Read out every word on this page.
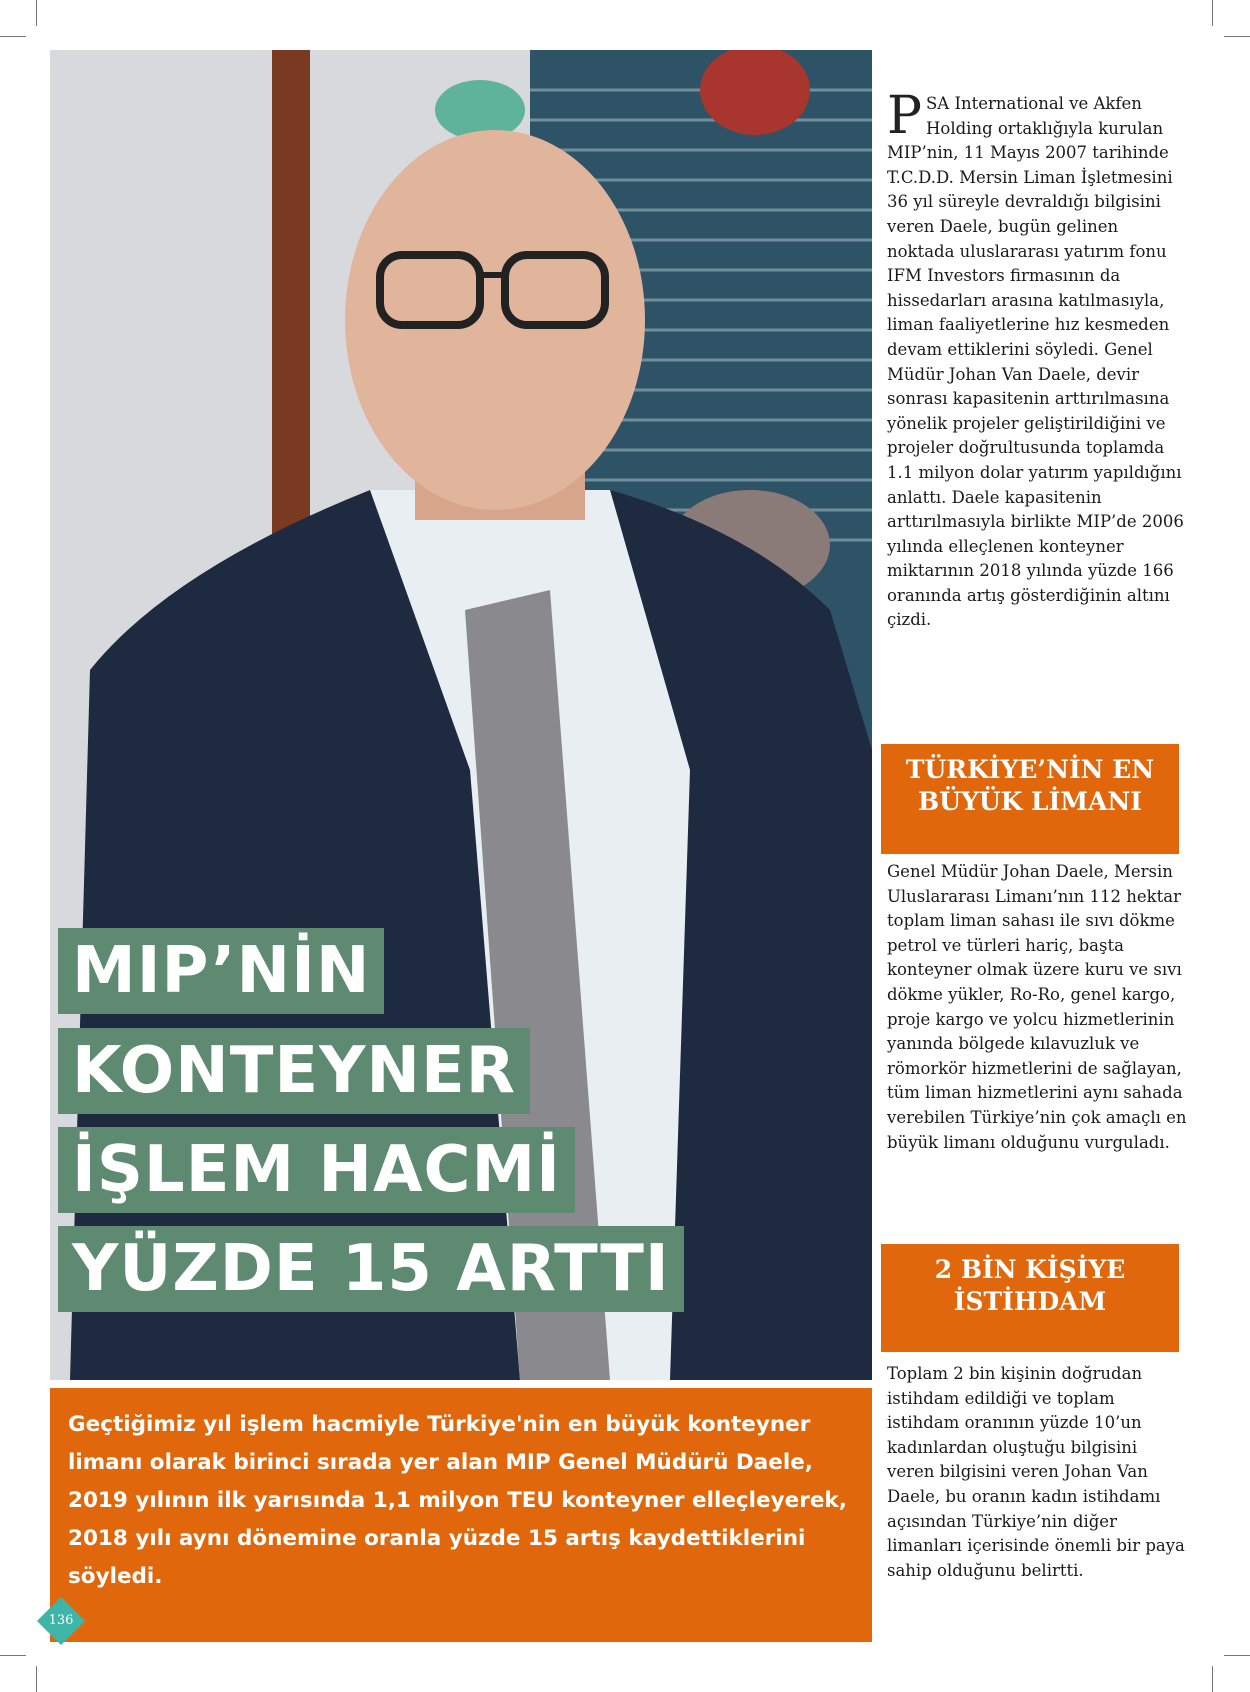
MIP’NİN
KONTEYNER
İŞLEM HACMİ
YÜZDE 15 ARTTI
Geçtiğimiz yıl işlem hacmiyle Türkiye'nin en büyük konteyner limanı olarak birinci sırada yer alan MIP Genel Müdürü Daele, 2019 yılının ilk yarısında 1,1 milyon TEU konteyner elleçleyerek, 2018 yılı aynı dönemine oranla yüzde 15 artış kaydettiklerini söyledi.
136
P SA International ve Akfen Holding ortaklığıyla kurulan MIP’nin, 11 Mayıs 2007 tarihinde T.C.D.D. Mersin Liman İşletmesini 36 yıl süreyle devraldığı bilgisini veren Daele, bugün gelinen noktada uluslararası yatırım fonu IFM Investors firmasının da hissedarları arasına katılmasıyla, liman faaliyetlerine hız kesmeden devam ettiklerini söyledi. Genel Müdür Johan Van Daele, devir sonrası kapasitenin arttırılmasına yönelik projeler geliştirildiğini ve projeler doğrultusunda toplamda 1.1 milyon dolar yatırım yapıldığını anlattı. Daele kapasitenin arttırılmasıyla birlikte MIP’de 2006 yılında elleçlenen konteyner miktarının 2018 yılında yüzde 166 oranında artış gösterdiğinin altını çizdi.
TÜRKİYE’NİN EN BÜYÜK LİMANI
Genel Müdür Johan Daele, Mersin Uluslararası Limanı’nın 112 hektar toplam liman sahası ile sıvı dökme petrol ve türleri hariç, başta konteyner olmak üzere kuru ve sıvı dökme yükler, Ro-Ro, genel kargo, proje kargo ve yolcu hizmetlerinin yanında bölgede kılavuzluk ve römorkör hizmetlerini de sağlayan, tüm liman hizmetlerini aynı sahada verebilen Türkiye’nin çok amaçlı en büyük limanı olduğunu vurguladı.
2 BİN KİŞİYE İSTİHDAM
Toplam 2 bin kişinin doğrudan istihdam edildiği ve toplam istihdam oranının yüzde 10’un kadınlardan oluştuğu bilgisini veren bilgisini veren Johan Van Daele, bu oranın kadın istihdamı açısından Türkiye’nin diğer limanları içerisinde önemli bir paya sahip olduğunu belirtti.
